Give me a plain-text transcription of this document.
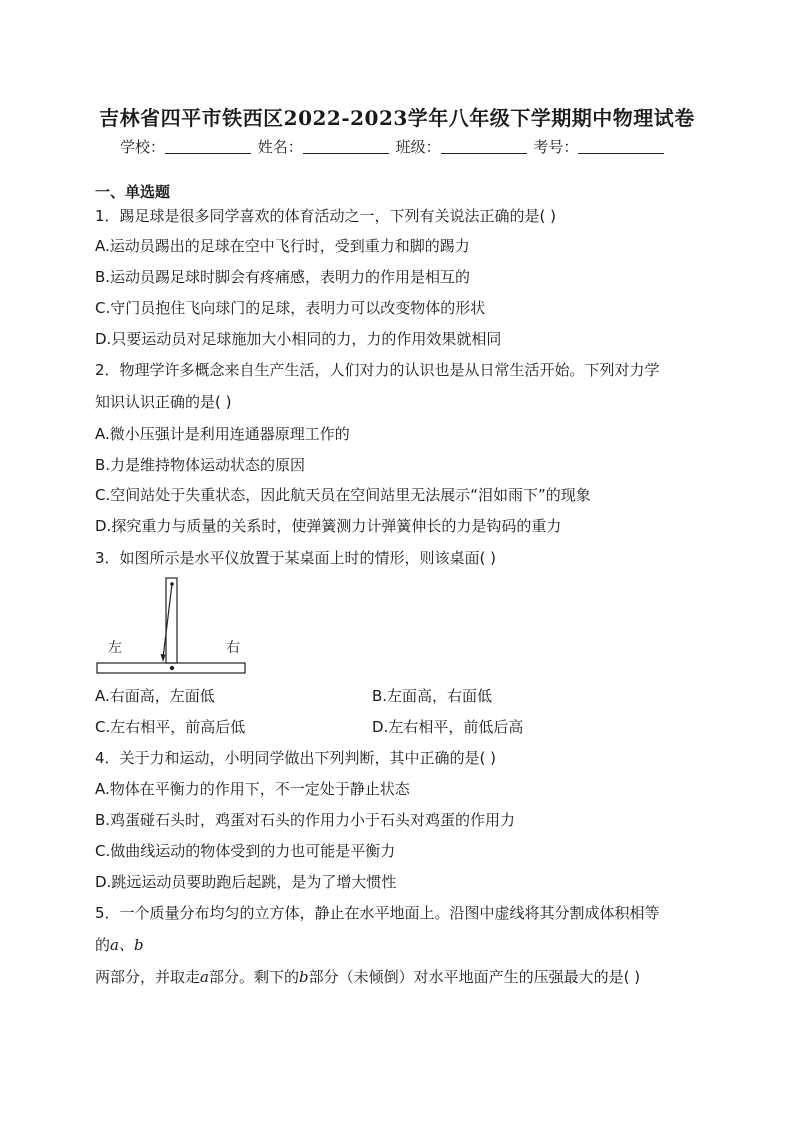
吉林省四平市铁西区2022-2023学年八年级下学期期中物理试卷
学校：	姓名：	班级：	考号：
一、单选题
1．踢足球是很多同学喜欢的体育活动之一，下列有关说法正确的是( )
A.运动员踢出的足球在空中飞行时，受到重力和脚的踢力
B.运动员踢足球时脚会有疼痛感，表明力的作用是相互的
C.守门员抱住飞向球门的足球，表明力可以改变物体的形状
D.只要运动员对足球施加大小相同的力，力的作用效果就相同
2．物理学许多概念来自生产生活，人们对力的认识也是从日常生活开始。下列对力学
知识认识正确的是( )
A.微小压强计是利用连通器原理工作的
B.力是维持物体运动状态的原因
C.空间站处于失重状态，因此航天员在空间站里无法展示“泪如雨下”的现象
D.探究重力与质量的关系时，使弹簧测力计弹簧伸长的力是钩码的重力
3．如图所示是水平仪放置于某桌面上时的情形，则该桌面( )
左	右
A.右面高，左面低	B.左面高，右面低
C.左右相平，前高后低	D.左右相平，前低后高
4．关于力和运动，小明同学做出下列判断，其中正确的是( )
A.物体在平衡力的作用下，不一定处于静止状态
B.鸡蛋碰石头时，鸡蛋对石头的作用力小于石头对鸡蛋的作用力
C.做曲线运动的物体受到的力也可能是平衡力
D.跳远运动员要助跑后起跳，是为了增大惯性
5．一个质量分布均匀的立方体，静止在水平地面上。沿图中虚线将其分割成体积相等
的a、b
两部分，并取走a部分。剩下的b部分（未倾倒）对水平地面产生的压强最大的是( )
